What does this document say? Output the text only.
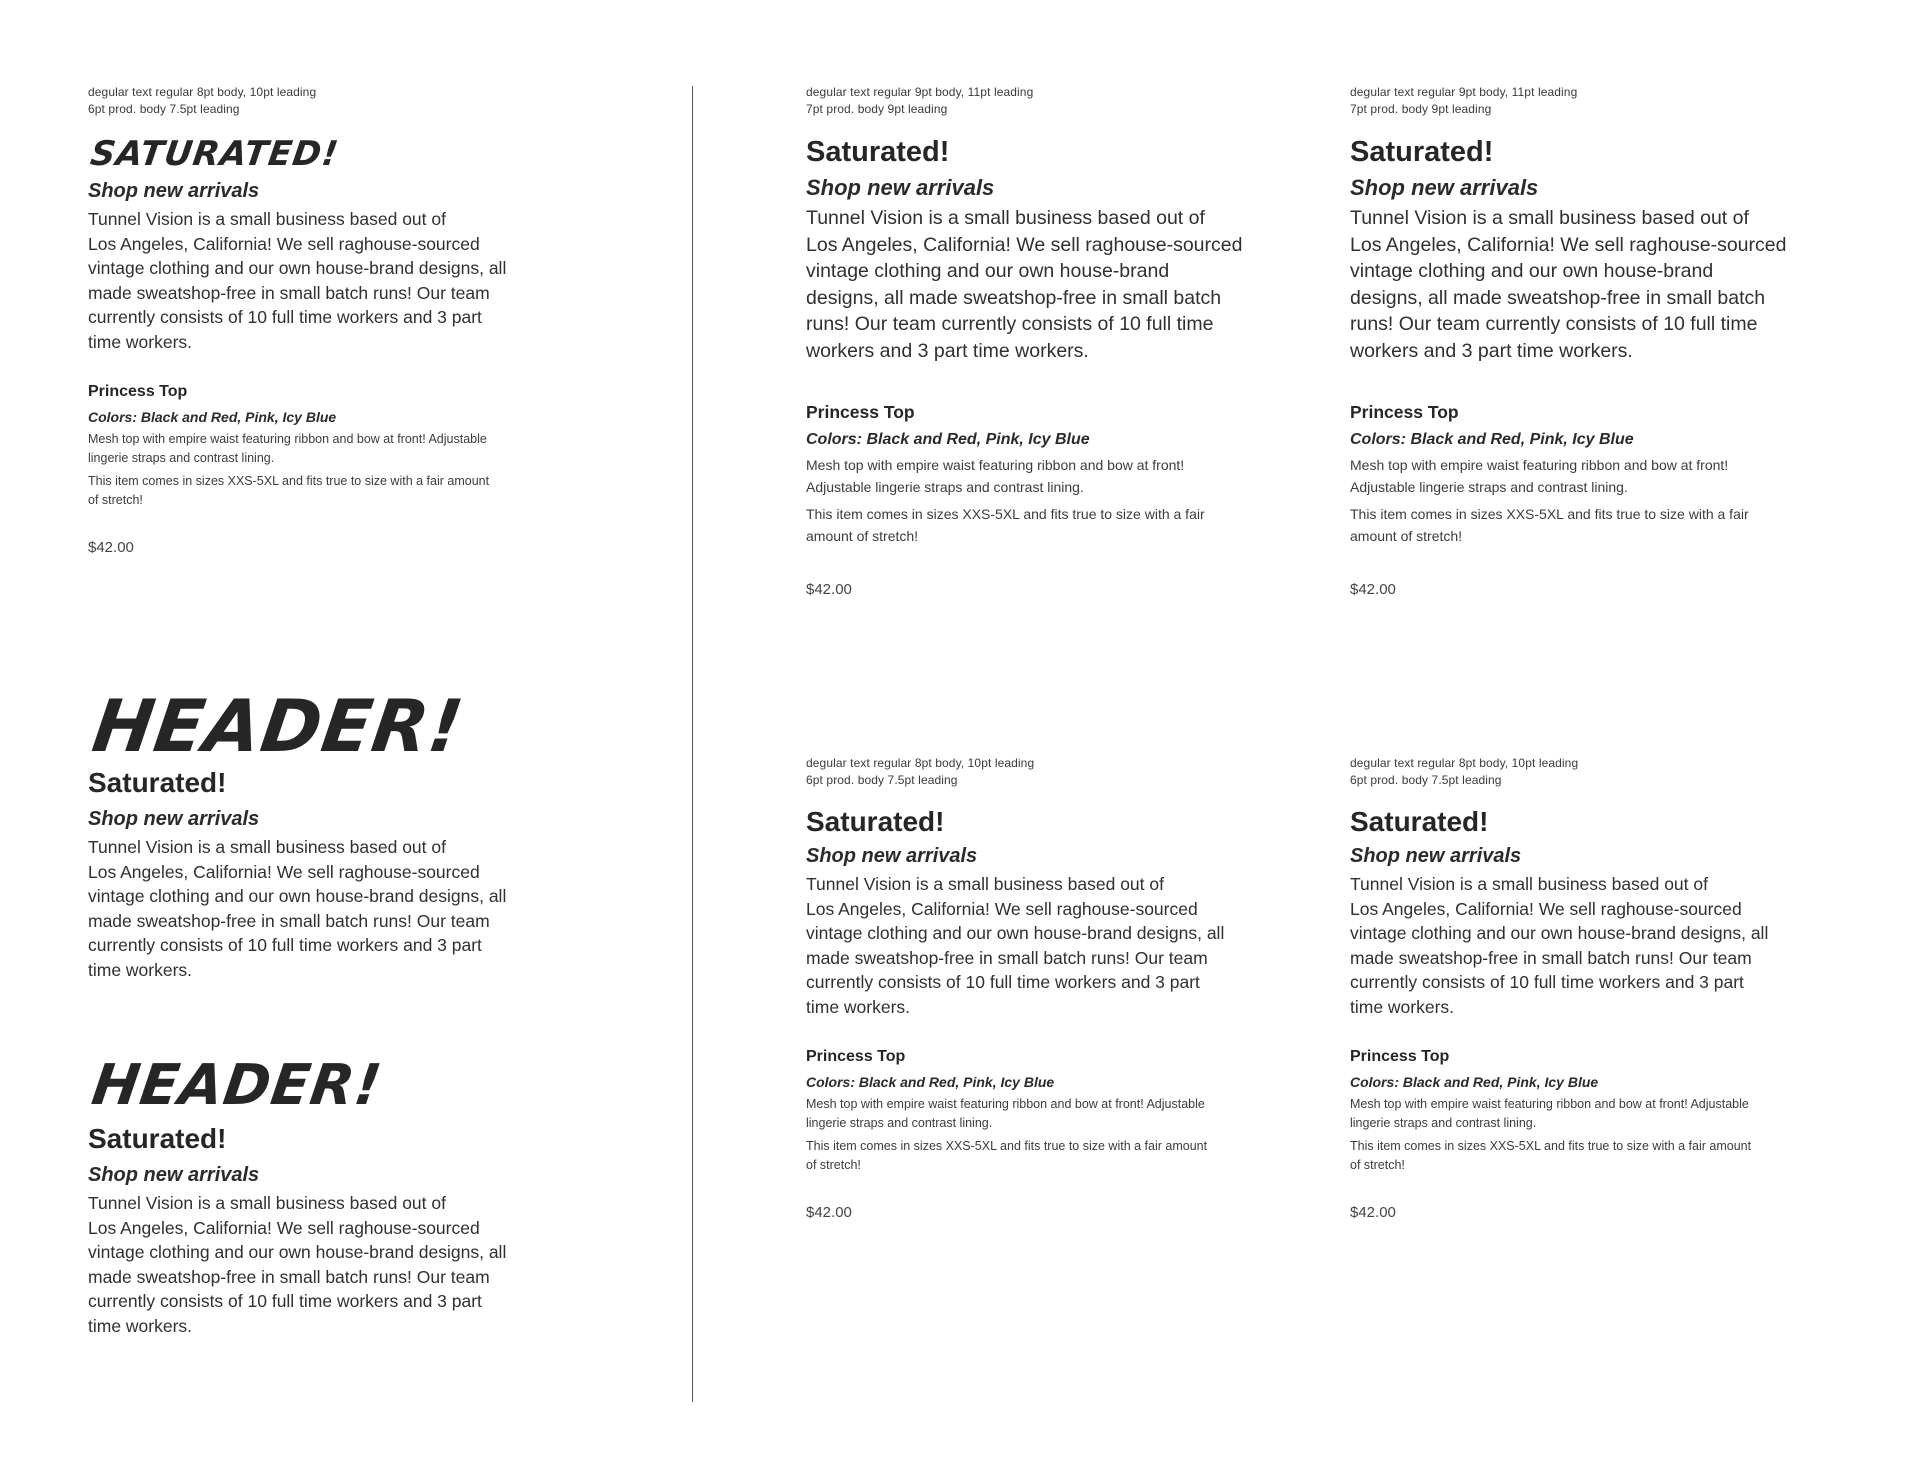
degular text regular 8pt body, 10pt leading
6pt prod. body 7.5pt leading
SATURATED!
Shop new arrivals
Tunnel Vision is a small business based out of
Los Angeles, California! We sell raghouse-sourced
vintage clothing and our own house-brand designs, all
made sweatshop-free in small batch runs! Our team
currently consists of 10 full time workers and 3 part
time workers.
Princess Top
Colors: Black and Red, Pink, Icy Blue
Mesh top with empire waist featuring ribbon and bow at front! Adjustable
lingerie straps and contrast lining.
This item comes in sizes XXS-5XL and fits true to size with a fair amount
of stretch!
$42.00
HEADER!
Saturated!
Shop new arrivals
Tunnel Vision is a small business based out of
Los Angeles, California! We sell raghouse-sourced
vintage clothing and our own house-brand designs, all
made sweatshop-free in small batch runs! Our team
currently consists of 10 full time workers and 3 part
time workers.
HEADER!
Saturated!
Shop new arrivals
Tunnel Vision is a small business based out of
Los Angeles, California! We sell raghouse-sourced
vintage clothing and our own house-brand designs, all
made sweatshop-free in small batch runs! Our team
currently consists of 10 full time workers and 3 part
time workers.
degular text regular 9pt body, 11pt leading
7pt prod. body 9pt leading
Saturated!
Shop new arrivals
Tunnel Vision is a small business based out of
Los Angeles, California! We sell raghouse-sourced
vintage clothing and our own house-brand
designs, all made sweatshop-free in small batch
runs! Our team currently consists of 10 full time
workers and 3 part time workers.
Princess Top
Colors: Black and Red, Pink, Icy Blue
Mesh top with empire waist featuring ribbon and bow at front!
Adjustable lingerie straps and contrast lining.
This item comes in sizes XXS-5XL and fits true to size with a fair
amount of stretch!
$42.00
degular text regular 9pt body, 11pt leading
7pt prod. body 9pt leading
Saturated!
Shop new arrivals
Tunnel Vision is a small business based out of
Los Angeles, California! We sell raghouse-sourced
vintage clothing and our own house-brand
designs, all made sweatshop-free in small batch
runs! Our team currently consists of 10 full time
workers and 3 part time workers.
Princess Top
Colors: Black and Red, Pink, Icy Blue
Mesh top with empire waist featuring ribbon and bow at front!
Adjustable lingerie straps and contrast lining.
This item comes in sizes XXS-5XL and fits true to size with a fair
amount of stretch!
$42.00
degular text regular 8pt body, 10pt leading
6pt prod. body 7.5pt leading
Saturated!
Shop new arrivals
Tunnel Vision is a small business based out of
Los Angeles, California! We sell raghouse-sourced
vintage clothing and our own house-brand designs, all
made sweatshop-free in small batch runs! Our team
currently consists of 10 full time workers and 3 part
time workers.
Princess Top
Colors: Black and Red, Pink, Icy Blue
Mesh top with empire waist featuring ribbon and bow at front! Adjustable
lingerie straps and contrast lining.
This item comes in sizes XXS-5XL and fits true to size with a fair amount
of stretch!
$42.00
degular text regular 8pt body, 10pt leading
6pt prod. body 7.5pt leading
Saturated!
Shop new arrivals
Tunnel Vision is a small business based out of
Los Angeles, California! We sell raghouse-sourced
vintage clothing and our own house-brand designs, all
made sweatshop-free in small batch runs! Our team
currently consists of 10 full time workers and 3 part
time workers.
Princess Top
Colors: Black and Red, Pink, Icy Blue
Mesh top with empire waist featuring ribbon and bow at front! Adjustable
lingerie straps and contrast lining.
This item comes in sizes XXS-5XL and fits true to size with a fair amount
of stretch!
$42.00
